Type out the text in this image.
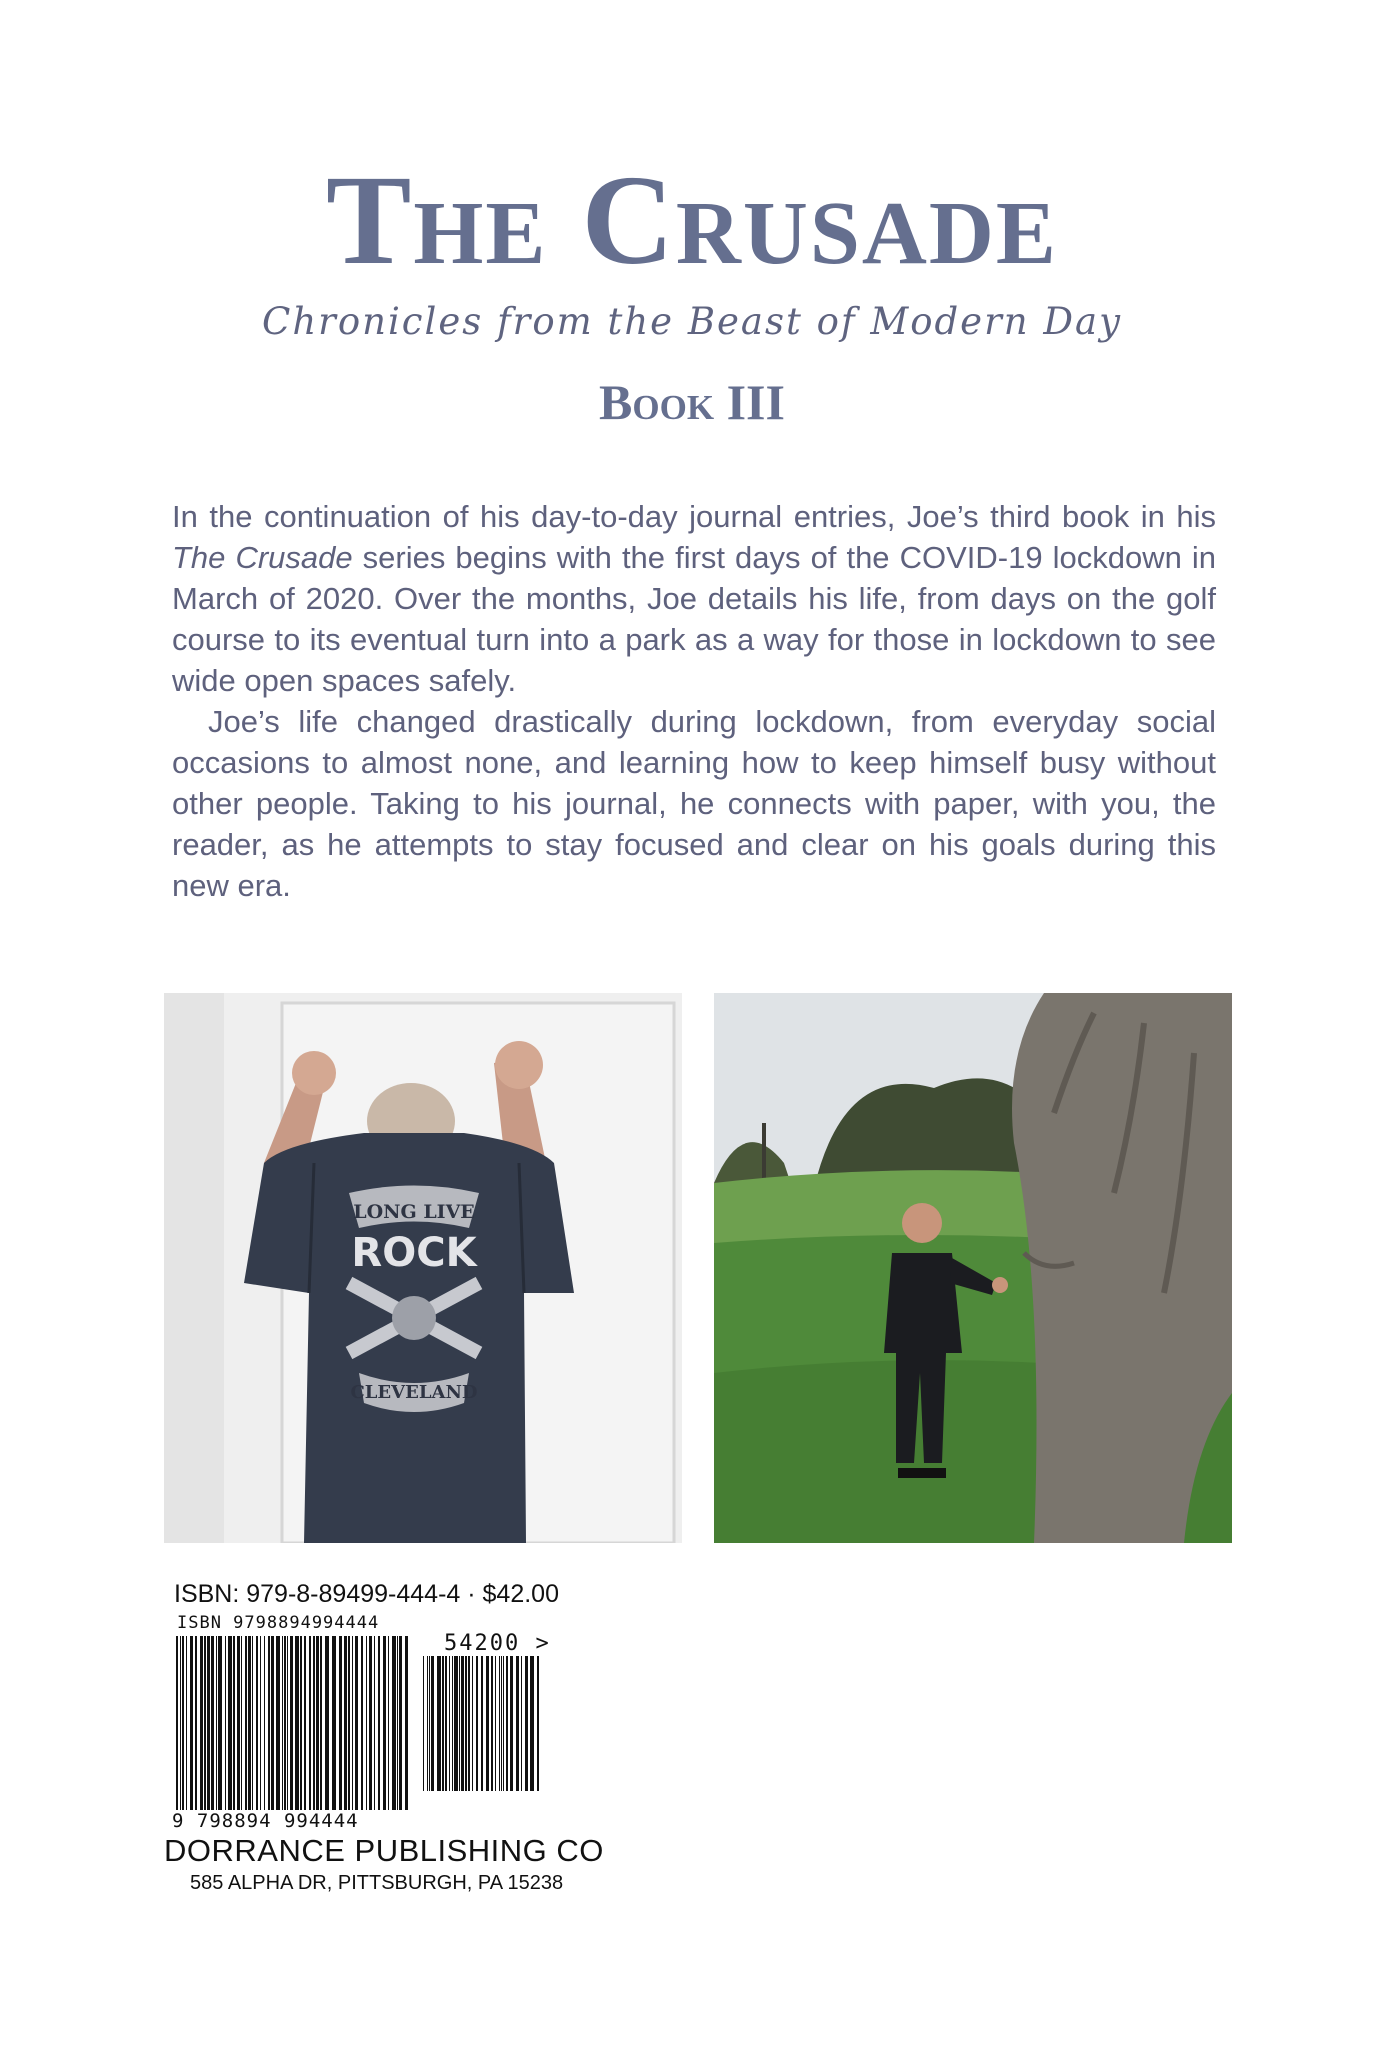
The Crusade
Chronicles from the Beast of Modern Day
Book III

In the continuation of his day-to-day journal entries, Joe’s third book in his The Crusade series begins with the first days of the COVID-19 lockdown in March of 2020. Over the months, Joe details his life, from days on the golf course to its eventual turn into a park as a way for those in lockdown to see wide open spaces safely.

Joe’s life changed drastically during lockdown, from everyday social occasions to almost none, and learning how to keep himself busy without other people. Taking to his journal, he connects with paper, with you, the reader, as he attempts to stay focused and clear on his goals during this new era.

LONG LIVE
ROCK
CLEVELAND
ISBN: 979-8-89499-444-4 · $42.00
ISBN 9798894994444
54200 >
9 798894 994444
DORRANCE PUBLISHING CO
585 ALPHA DR, PITTSBURGH, PA 15238
